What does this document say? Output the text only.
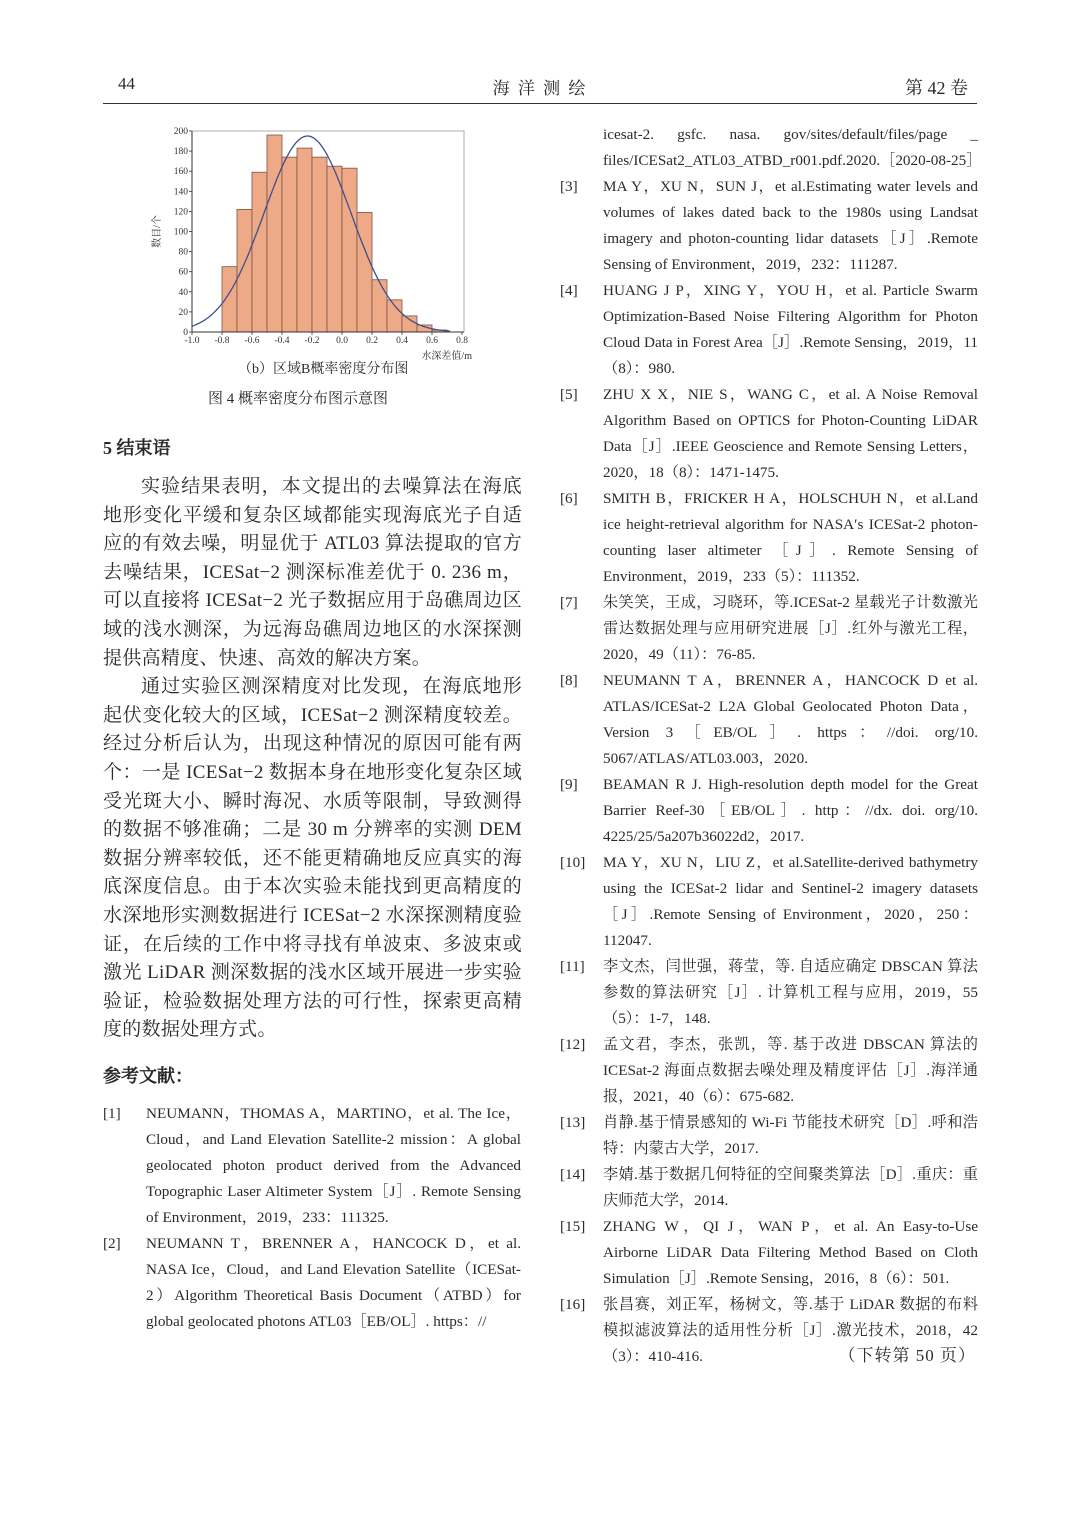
44	海 洋 测 绘	第 42 卷
0
20
40
60
80
100
120
140
160
180
200
-1.0 -0.8 -0.6 -0.4 -0.2 0.0 0.2 0.4 0.6 0.8
数目/个
水深差值/m
（b）区域B概率密度分布图
图 4 概率密度分布图示意图
5 结束语

实验结果表明，本文提出的去噪算法在海底地形变化平缓和复杂区域都能实现海底光子自适应的有效去噪，明显优于 ATL03 算法提取的官方去噪结果，ICESat−2 测深标准差优于 0. 236 m，可以直接将 ICESat−2 光子数据应用于岛礁周边区域的浅水测深，为远海岛礁周边地区的水深探测提供高精度、快速、高效的解决方案。

通过实验区测深精度对比发现，在海底地形起伏变化较大的区域，ICESat−2 测深精度较差。经过分析后认为，出现这种情况的原因可能有两个：一是 ICESat−2 数据本身在地形变化复杂区域受光斑大小、瞬时海况、水质等限制，导致测得的数据不够准确；二是 30 m 分辨率的实测 DEM 数据分辨率较低，还不能更精确地反应真实的海底深度信息。由于本次实验未能找到更高精度的水深地形实测数据进行 ICESat−2 水深探测精度验证，在后续的工作中将寻找有单波束、多波束或激光 LiDAR 测深数据的浅水区域开展进一步实验验证，检验数据处理方法的可行性，探索更高精度的数据处理方式。

参考文献：

[1] NEUMANN，THOMAS A，MARTINO，et al. The Ice，Cloud，and Land Elevation Satellite-2 mission：A global geolocated photon product derived from the Advanced Topographic Laser Altimeter System［J］. Remote Sensing of Environment，2019，233：111325.

[2] NEUMANN T，BRENNER A，HANCOCK D，et al. NASA Ice，Cloud，and Land Elevation Satellite（ICESat-2）Algorithm Theoretical Basis Document（ATBD）for global geolocated photons ATL03［EB/OL］. https：//

icesat-2. gsfc. nasa. gov/sites/default/files/page _ files/ICESat2_ATL03_ATBD_r001.pdf.2020.［2020-08-25］

[3] MA Y，XU N，SUN J，et al.Estimating water levels and volumes of lakes dated back to the 1980s using Landsat imagery and photon-counting lidar datasets［J］.Remote Sensing of Environment，2019，232：111287.

[4] HUANG J P，XING Y，YOU H，et al. Particle Swarm Optimization-Based Noise Filtering Algorithm for Photon Cloud Data in Forest Area［J］.Remote Sensing，2019，11（8）：980.

[5] ZHU X X，NIE S，WANG C，et al. A Noise Removal Algorithm Based on OPTICS for Photon-Counting LiDAR Data［J］.IEEE Geoscience and Remote Sensing Letters，2020，18（8）：1471-1475.

[6] SMITH B，FRICKER H A，HOLSCHUH N，et al.Land ice height-retrieval algorithm for NASA′s ICESat-2 photon-counting laser altimeter ［J］. Remote Sensing of Environment，2019，233（5）：111352.

[7] 朱笑笑，王成，习晓环，等.ICESat-2 星载光子计数激光雷达数据处理与应用研究进展［J］.红外与激光工程，2020，49（11）：76-85.

[8] NEUMANN T A，BRENNER A，HANCOCK D et al. ATLAS/ICESat-2 L2A Global Geolocated Photon Data，Version 3［EB/OL］. https：//doi. org/10. 5067/ATLAS/ATL03.003，2020.

[9] BEAMAN R J. High-resolution depth model for the Great Barrier Reef-30［EB/OL］. http：//dx. doi. org/10. 4225/25/5a207b36022d2，2017.

[10] MA Y，XU N，LIU Z，et al.Satellite-derived bathymetry using the ICESat-2 lidar and Sentinel-2 imagery datasets［J］.Remote Sensing of Environment，2020，250：112047.

[11] 李文杰，闫世强，蒋莹，等. 自适应确定 DBSCAN 算法参数的算法研究［J］. 计算机工程与应用，2019，55（5）：1-7，148.

[12] 孟文君，李杰，张凯，等. 基于改进 DBSCAN 算法的 ICESat-2 海面点数据去噪处理及精度评估［J］.海洋通报，2021，40（6）：675-682.

[13] 肖静.基于情景感知的 Wi-Fi 节能技术研究［D］.呼和浩特：内蒙古大学，2017.

[14] 李婧.基于数据几何特征的空间聚类算法［D］.重庆：重庆师范大学，2014.

[15] ZHANG W，QI J，WAN P，et al. An Easy-to-Use Airborne LiDAR Data Filtering Method Based on Cloth Simulation［J］.Remote Sensing，2016，8（6）：501.

[16] 张昌赛，刘正军，杨树文，等.基于 LiDAR 数据的布料模拟滤波算法的适用性分析［J］.激光技术，2018，42（3）：410-416.	（下转第 50 页）
